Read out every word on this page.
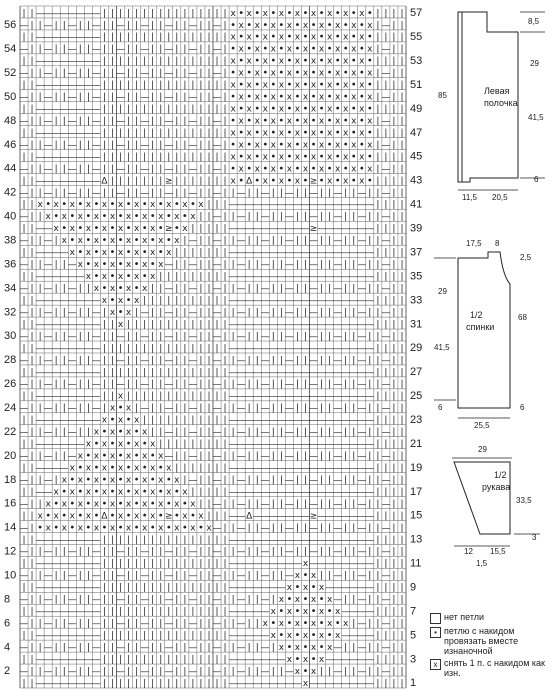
| | — — — — — — — — | | | | | | | | | | | | | | | | x • x • x • x • x • x • x • x • x • | | | |
— | | — | | — | | — | | — | | — | | — | | — | | — | • x • x • x • x • x • x • x • x • x | — | |
| | — — — — — — — — | | | | | | | | | | | | | | | | x • x • x • x • x • x • x • x • x • | | | |
— | | — | | — | | — | | — | | — | | — | | — | | — | • x • x • x • x • x • x • x • x • x | — | |
| | — — — — — — — — | | | | | | | | | | | | | | | | x • x • x • x • x • x • x • x • x • | | | |
— | | — | | — | | — | | — | | — | | — | | — | | — | • x • x • x • x • x • x • x • x • x | — | |
| | — — — — — — — — | | | | | | | | | | | | | | | | x • x • x • x • x • x • x • x • x • | | | |
— | | — | | — | | — | | — | | — | | — | | — | | — | • x • x • x • x • x • x • x • x • x | — | |
| | — — — — — — — — | | | | | | | | | | | | | | | | x • x • x • x • x • x • x • x • x • | | | |
— | | — | | — | | — | | — | | — | | — | | — | | — | • x • x • x • x • x • x • x • x • x | — | |
| | — — — — — — — — | | | | | | | | | | | | | | | | x • x • x • x • x • x • x • x • x • | | | |
— | | — | | — | | — | | — | | — | | — | | — | | — | • x • x • x • x • x • x • x • x • x | — | |
| | — — — — — — — — | | | | | | | | | | | | | | | | x • x • x • x • x • x • x • x • x • | | | |
— | | — | | — | | — | | — | | — | | — | | — | | — | • x • x • x • x • x • x • x • x • x | — | |
| | — — — — — — — — ∆ | | | | | | | ≥ | | | | | | | x • ∆ • x • x • x • ≥ • x • x • x • | | | |
— | | — | | — | | — | | — | | — | | — | | — | | — | | — | | — | | — | | — | | — | | — | | — | |
| | x • x • x • x • x • x • x • x • x • x • x | | | — — — — — — — — — — — — — — — — — — | | | |
— | | x • x • x • x • x • x • x • x • x • x | | — | | — | | — | | — | | — | | — | | — | | — | |
| | — — x • x • x • x • x • x • x • ≥ • x | | | | | — — — — — — — — — — ≥ — — — — — — — | | | |
— | | — | x • x • x • x • x • x • x • x | — | | — | | — | | — | | — | | — | | — | | — | | — | |
| | — — — — x • x • x • x • x • x • x | | | | | | | — — — — — — — — — — — — — — — — — — | | | |
— | | — | | — x • x • x • x • x • x — | | — | | — | | — | | — | | — | | — | | — | | — | | — | |
| | — — — — — — x • x • x • x • x | | | | | | | | | — — — — — — — — — — — — — — — — — — | | | |
— | | — | | — | | x • x • x • x | | — | | — | | — | | — | | — | | — | | — | | — | | — | | — | |
| | — — — — — — — — x • x • x | | | | | | | | | | | — — — — — — — — — — — — — — — — — — | | | |
— | | — | | — | | — | x • x | — | | — | | — | | — | | — | | — | | — | | — | | — | | — | | — | |
| | — — — — — — — — | | x | | | | | | | | | | | | | — — — — — — — — — — — — — — — — — — | | | |
— | | — | | — | | — | | — | | — | | — | | — | | — | | — | | — | | — | | — | | — | | — | | — | |
| | — — — — — — — — | | | | | | | | | | | | | | | | — — — — — — — — — — — — — — — — — — | | | |
— | | — | | — | | — | | — | | — | | — | | — | | — | | — | | — | | — | | — | | — | | — | | — | |
| | — — — — — — — — | | | | | | | | | | | | | | | | — — — — — — — — — — — — — — — — — — | | | |
— | | — | | — | | — | | — | | — | | — | | — | | — | | — | | — | | — | | — | | — | | — | | — | |
| | — — — — — — — — | | x | | | | | | | | | | | | | — — — — — — — — — — — — — — — — — — | | | |
— | | — | | — | | — | x • x | — | | — | | — | | — | | — | | — | | — | | — | | — | | — | | — | |
| | — — — — — — — — x • x • x | | | | | | | | | | | — — — — — — — — — — — — — — — — — — | | | |
— | | — | | — | | x • x • x • x | | — | | — | | — | | — | | — | | — | | — | | — | | — | | — | |
| | — — — — — — x • x • x • x • x | | | | | | | | | — — — — — — — — — — — — — — — — — — | | | |
— | | — | | — x • x • x • x • x • x — | | — | | — | | — | | — | | — | | — | | — | | — | | — | |
| | — — — — x • x • x • x • x • x • x | | | | | | | — — — — — — — — — — — — — — — — — — | | | |
— | | — | x • x • x • x • x • x • x • x | — | | — | | — | | — | | — | | — | | — | | — | | — | |
| | — — x • x • x • x • x • x • x • x • x | | | | | — — — — — — — — — — — — — — — — — — | | | |
— | | x • x • x • x • x • x • x • x • x • x | | — | | — | | — | | — | | — | | — | | — | | — | |
| | x • x • x • x • ∆ • x • x • x • ≥ • x • x | | | — — ∆ — — — — — — — ≥ — — — — — — — | | | |
— | • x • x • x • x • x • x • x • x • x • x • x — | | — | | — | | — | | — | | — | | — | | — | |
| | — — — — — — — — | | | | | | | | | | | | | | | | — — — — — — — — — — — — — — — — — — | | | |
— | | — | | — | | — | | — | | — | | — | | — | | — | | — | | — | | — | | — | | — | | — | | — | |
| | — — — — — — — — | | | | | | | | | | | | | | | | — — — — — — — — — x — — — — — — — — | | | |
— | | — | | — | | — | | — | | — | | — | | — | | — | | — | | — | | — x • x | | — | | — | | — | |
| | — — — — — — — — | | | | | | | | | | | | | | | | — — — — — — — x • x • x — — — — — — | | | |
— | | — | | — | | — | | — | | — | | — | | — | | — | | — | | — | x • x • x • x — | | — | | — | |
| | — — — — — — — — | | | | | | | | | | | | | | | | — — — — — x • x • x • x • x — — — — | | | |
— | | — | | — | | — | | — | | — | | — | | — | | — | | — | | x • x • x • x • x • x | — | | — | |
| | — — — — — — — — | | | | | | | | | | | | | | | | — — — — — x • x • x • x • x — — — — | | | |
— | | — | | — | | — | | — | | — | | — | | — | | — | | — | | — | x • x • x • x — | | — | | — | |
| | — — — — — — — — | | | | | | | | | | | | | | | | — — — — — — — x • x • x — — — — — — | | | |
— | | — | | — | | — | | — | | — | | — | | — | | — | | — | | — | | — x • x | | — | | — | | — | |
| | — — — — — — — — | | | | | | | | | | | | | | | | — — — — — — — — — x — — — — — — — — | | | |
56
54
52
50
48
46
44
42
40
38
36
34
32
30
28
26
24
22
20
18
16
14
12
10
8
6
4
2
57
55
53
51
49
47
45
43
41
39
37
35
33
31
29
27
25
23
21
19
17
15
13
11
9
7
5
3
1
Левая
полочка
8,5
29
41,5
85
6
11,5 20,5
1/2
спинки
17,5 8
2,5
29
68
41,5
6	6
25,5
1/2
рукава
29
33,5
3
12 15,5
1,5
нет петли
• петлю с накидом провязать вместе изнаночной
x снять 1 п. с накидом как изн.
